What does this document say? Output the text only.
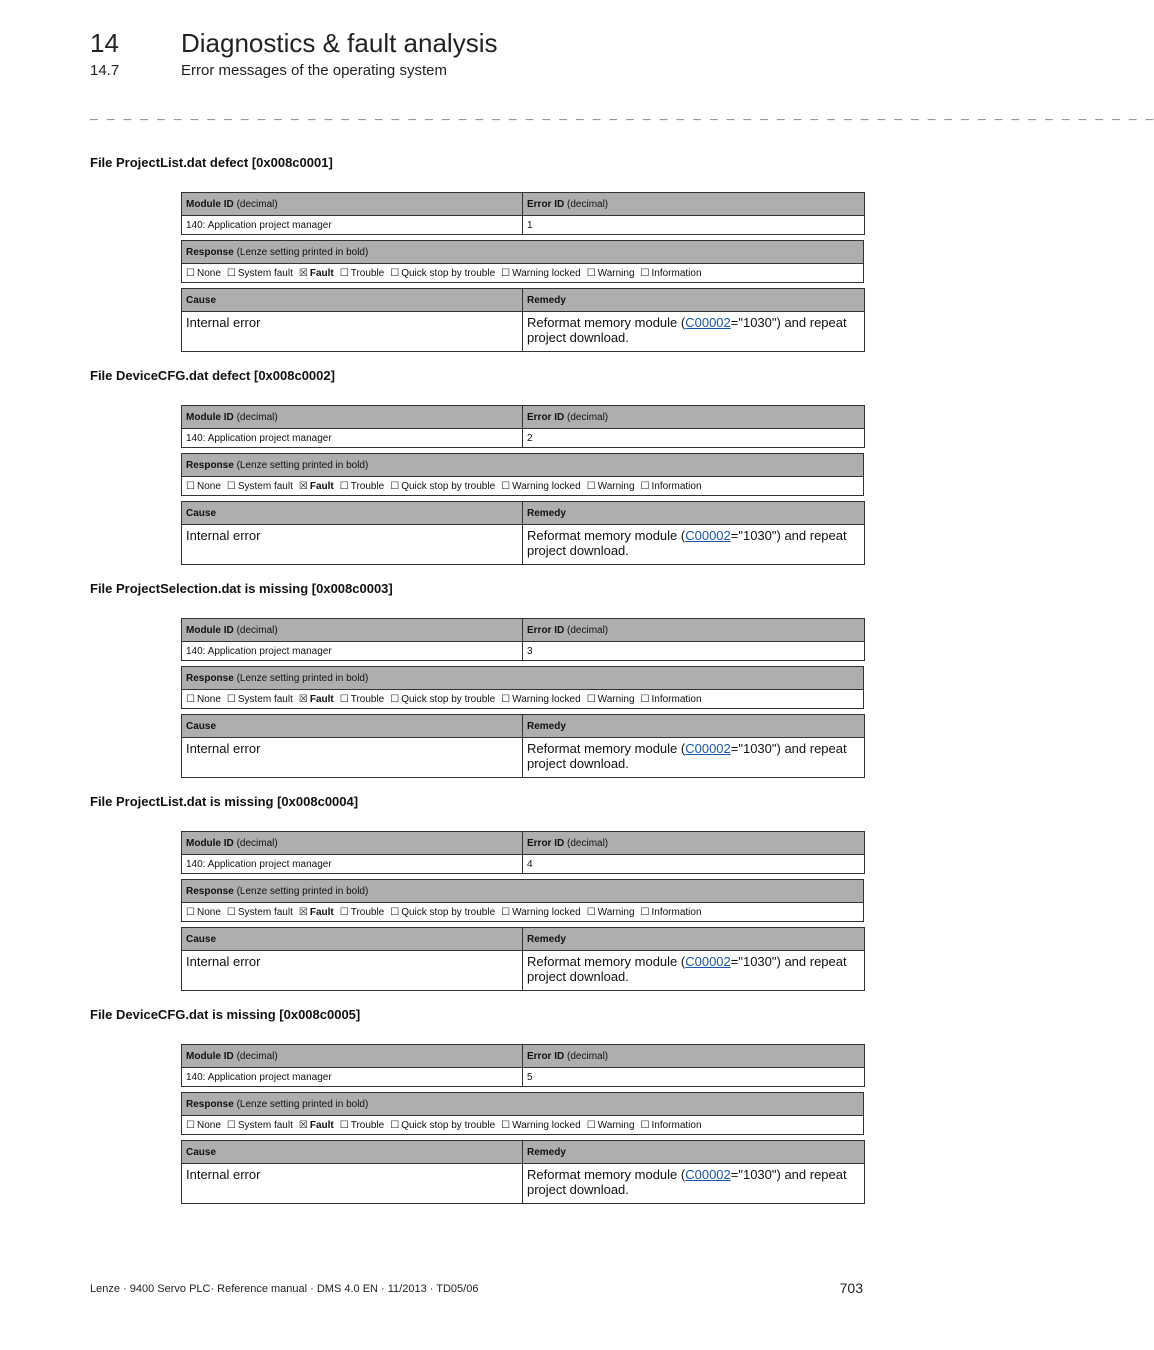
14	Diagnostics & fault analysis
14.7	Error messages of the operating system
_ _ _ _ _ _ _ _ _ _ _ _ _ _ _ _ _ _ _ _ _ _ _ _ _ _ _ _ _ _ _ _ _ _ _ _ _ _ _ _ _ _ _ _ _ _ _ _ _ _ _ _ _ _ _ _ _ _ _ _ _ _ _ _
File ProjectList.dat defect [0x008c0001]
Module ID (decimal)	Error ID (decimal)
140: Application project manager	1
Response (Lenze setting printed in bold)
☐ None ☐ System fault ☒ Fault ☐ Trouble ☐ Quick stop by trouble ☐ Warning locked ☐ Warning ☐ Information
Cause	Remedy
Internal error	Reformat memory module (C00002="1030") and repeat project download.
File DeviceCFG.dat defect [0x008c0002]
Module ID (decimal)	Error ID (decimal)
140: Application project manager	2
Response (Lenze setting printed in bold)
☐ None ☐ System fault ☒ Fault ☐ Trouble ☐ Quick stop by trouble ☐ Warning locked ☐ Warning ☐ Information
Cause	Remedy
Internal error	Reformat memory module (C00002="1030") and repeat project download.
File ProjectSelection.dat is missing [0x008c0003]
Module ID (decimal)	Error ID (decimal)
140: Application project manager	3
Response (Lenze setting printed in bold)
☐ None ☐ System fault ☒ Fault ☐ Trouble ☐ Quick stop by trouble ☐ Warning locked ☐ Warning ☐ Information
Cause	Remedy
Internal error	Reformat memory module (C00002="1030") and repeat project download.
File ProjectList.dat is missing [0x008c0004]
Module ID (decimal)	Error ID (decimal)
140: Application project manager	4
Response (Lenze setting printed in bold)
☐ None ☐ System fault ☒ Fault ☐ Trouble ☐ Quick stop by trouble ☐ Warning locked ☐ Warning ☐ Information
Cause	Remedy
Internal error	Reformat memory module (C00002="1030") and repeat project download.
File DeviceCFG.dat is missing [0x008c0005]
Module ID (decimal)	Error ID (decimal)
140: Application project manager	5
Response (Lenze setting printed in bold)
☐ None ☐ System fault ☒ Fault ☐ Trouble ☐ Quick stop by trouble ☐ Warning locked ☐ Warning ☐ Information
Cause	Remedy
Internal error	Reformat memory module (C00002="1030") and repeat project download.
Lenze · 9400 Servo PLC· Reference manual · DMS 4.0 EN · 11/2013 · TD05/06	703
